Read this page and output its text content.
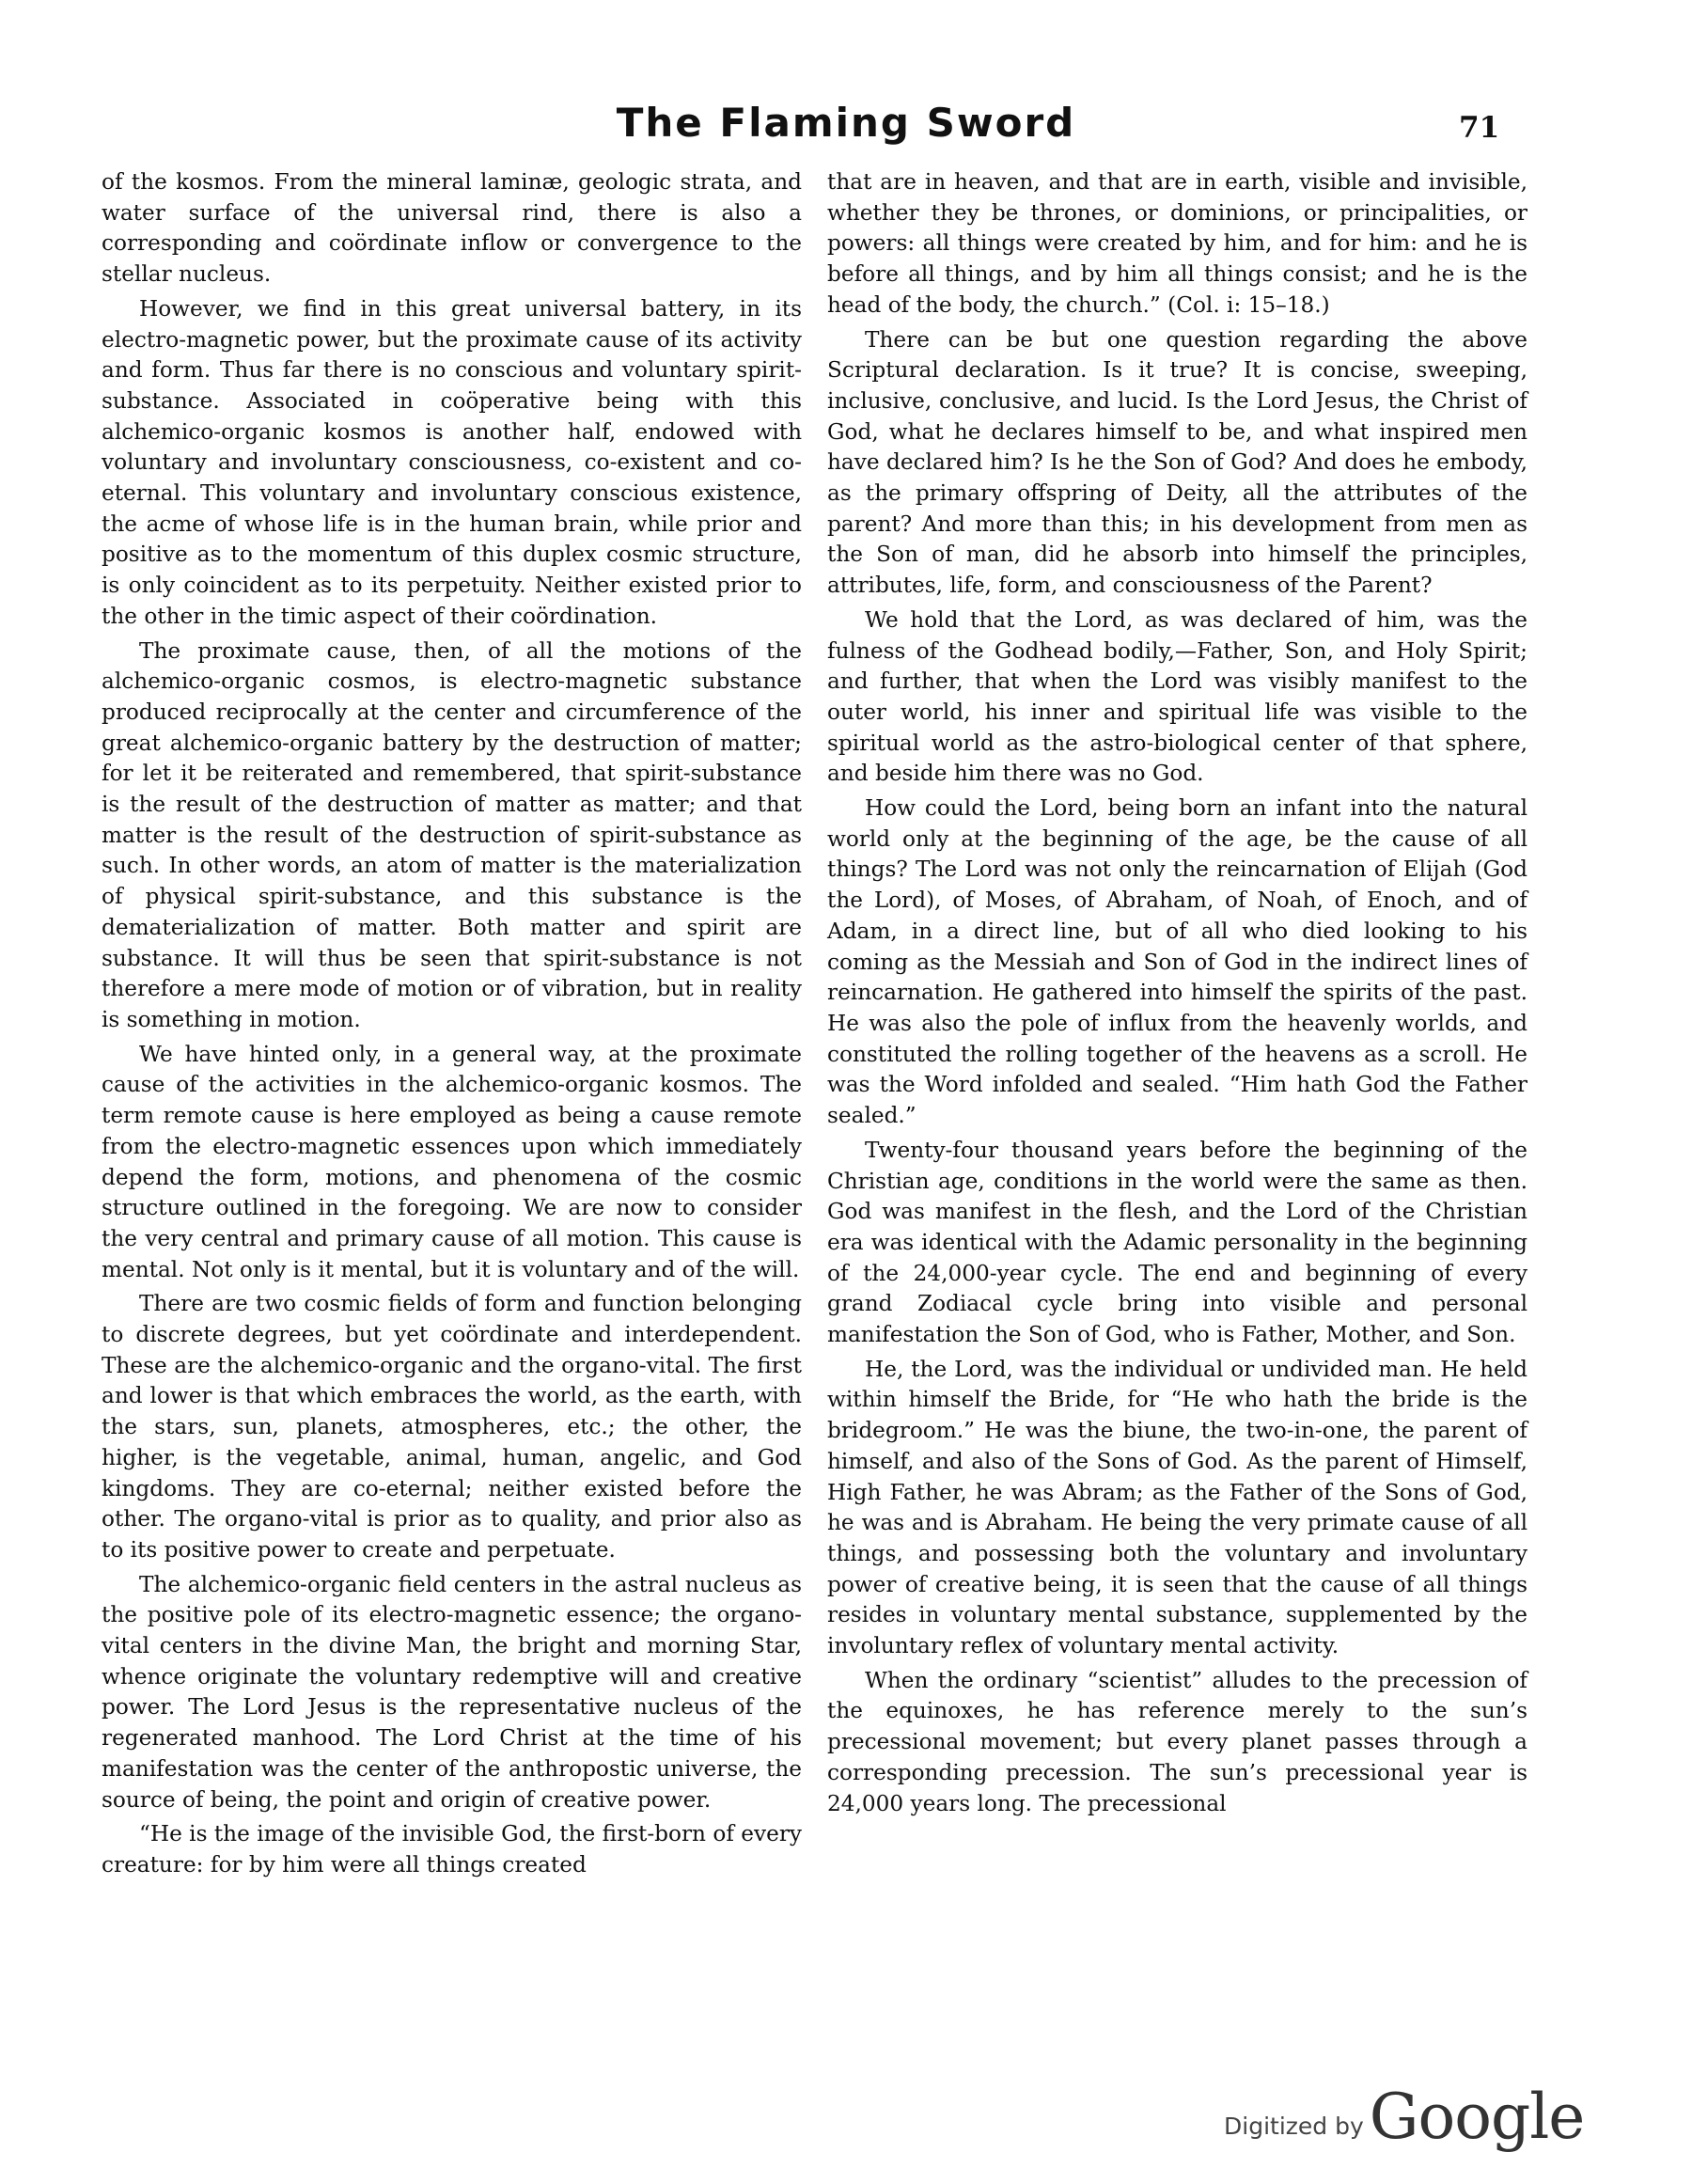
The Flaming Sword	71

of the kosmos. From the mineral laminæ, geologic strata, and water surface of the universal rind, there is also a corresponding and coördinate inflow or convergence to the stellar nucleus.

However, we find in this great universal battery, in its electro-magnetic power, but the proximate cause of its activity and form. Thus far there is no conscious and voluntary spirit-substance. Associated in coöperative being with this alchemico-organic kosmos is another half, endowed with voluntary and involuntary consciousness, co-existent and co-eternal. This voluntary and involuntary conscious existence, the acme of whose life is in the human brain, while prior and positive as to the momentum of this duplex cosmic structure, is only coincident as to its perpetuity. Neither existed prior to the other in the timic aspect of their coördination.

The proximate cause, then, of all the motions of the alchemico-organic cosmos, is electro-magnetic substance produced reciprocally at the center and circumference of the great alchemico-organic battery by the destruction of matter; for let it be reiterated and remembered, that spirit-substance is the result of the destruction of matter as matter; and that matter is the result of the destruction of spirit-substance as such. In other words, an atom of matter is the materialization of physical spirit-substance, and this substance is the dematerialization of matter. Both matter and spirit are substance. It will thus be seen that spirit-substance is not therefore a mere mode of motion or of vibration, but in reality is something in motion.

We have hinted only, in a general way, at the proximate cause of the activities in the alchemico-organic kosmos. The term remote cause is here employed as being a cause remote from the electro-magnetic essences upon which immediately depend the form, motions, and phenomena of the cosmic structure outlined in the foregoing. We are now to consider the very central and primary cause of all motion. This cause is mental. Not only is it mental, but it is voluntary and of the will.

There are two cosmic fields of form and function belonging to discrete degrees, but yet coördinate and interdependent. These are the alchemico-organic and the organo-vital. The first and lower is that which embraces the world, as the earth, with the stars, sun, planets, atmospheres, etc.; the other, the higher, is the vegetable, animal, human, angelic, and God kingdoms. They are co-eternal; neither existed before the other. The organo-vital is prior as to quality, and prior also as to its positive power to create and perpetuate.

The alchemico-organic field centers in the astral nucleus as the positive pole of its electro-magnetic essence; the organo-vital centers in the divine Man, the bright and morning Star, whence originate the voluntary redemptive will and creative power. The Lord Jesus is the representative nucleus of the regenerated manhood. The Lord Christ at the time of his manifestation was the center of the anthropostic universe, the source of being, the point and origin of creative power.

“He is the image of the invisible God, the first-born of every creature: for by him were all things created

that are in heaven, and that are in earth, visible and invisible, whether they be thrones, or dominions, or principalities, or powers: all things were created by him, and for him: and he is before all things, and by him all things consist; and he is the head of the body, the church.” (Col. i: 15–18.)

There can be but one question regarding the above Scriptural declaration. Is it true? It is concise, sweeping, inclusive, conclusive, and lucid. Is the Lord Jesus, the Christ of God, what he declares himself to be, and what inspired men have declared him? Is he the Son of God? And does he embody, as the primary offspring of Deity, all the attributes of the parent? And more than this; in his development from men as the Son of man, did he absorb into himself the principles, attributes, life, form, and consciousness of the Parent?

We hold that the Lord, as was declared of him, was the fulness of the Godhead bodily,—Father, Son, and Holy Spirit; and further, that when the Lord was visibly manifest to the outer world, his inner and spiritual life was visible to the spiritual world as the astro-biological center of that sphere, and beside him there was no God.

How could the Lord, being born an infant into the natural world only at the beginning of the age, be the cause of all things? The Lord was not only the reincarnation of Elijah (God the Lord), of Moses, of Abraham, of Noah, of Enoch, and of Adam, in a direct line, but of all who died looking to his coming as the Messiah and Son of God in the indirect lines of reincarnation. He gathered into himself the spirits of the past. He was also the pole of influx from the heavenly worlds, and constituted the rolling together of the heavens as a scroll. He was the Word infolded and sealed. “Him hath God the Father sealed.”

Twenty-four thousand years before the beginning of the Christian age, conditions in the world were the same as then. God was manifest in the flesh, and the Lord of the Christian era was identical with the Adamic personality in the beginning of the 24,000-year cycle. The end and beginning of every grand Zodiacal cycle bring into visible and personal manifestation the Son of God, who is Father, Mother, and Son.

He, the Lord, was the individual or undivided man. He held within himself the Bride, for “He who hath the bride is the bridegroom.” He was the biune, the two-in-one, the parent of himself, and also of the Sons of God. As the parent of Himself, High Father, he was Abram; as the Father of the Sons of God, he was and is Abraham. He being the very primate cause of all things, and possessing both the voluntary and involuntary power of creative being, it is seen that the cause of all things resides in voluntary mental substance, supplemented by the involuntary reflex of voluntary mental activity.

When the ordinary “scientist” alludes to the precession of the equinoxes, he has reference merely to the sun’s precessional movement; but every planet passes through a corresponding precession. The sun’s precessional year is 24,000 years long. The precessional

Digitized by Google
